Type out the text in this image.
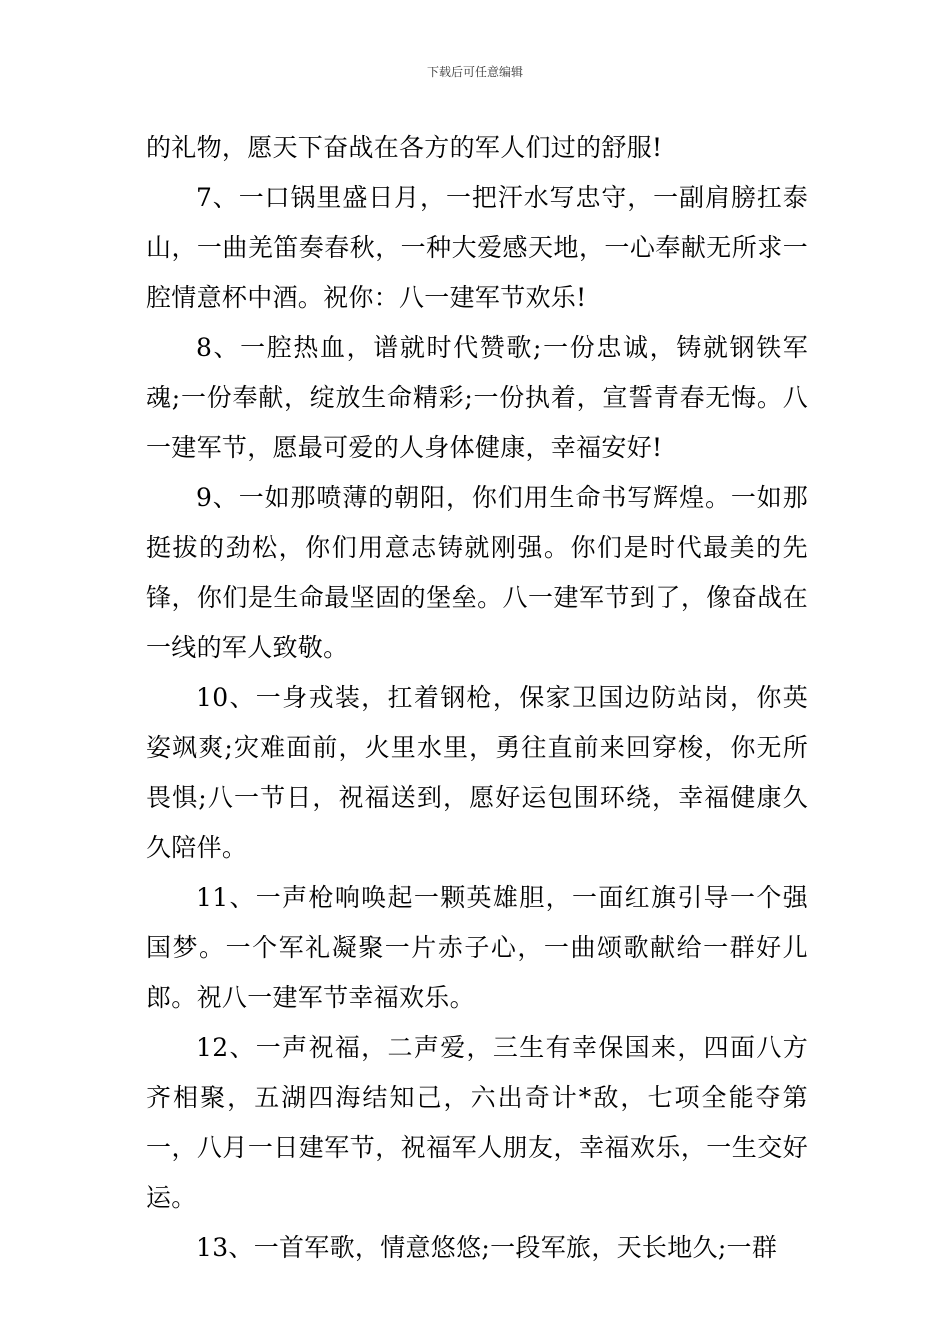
下载后可任意编辑

的礼物，愿天下奋战在各方的军人们过的舒服!

7、一口锅里盛日月，一把汗水写忠守，一副肩膀扛泰山，一曲羌笛奏春秋，一种大爱感天地，一心奉献无所求一腔情意杯中酒。祝你：八一建军节欢乐!

8、一腔热血，谱就时代赞歌;一份忠诚，铸就钢铁军魂;一份奉献，绽放生命精彩;一份执着，宣誓青春无悔。八一建军节，愿最可爱的人身体健康，幸福安好!

9、一如那喷薄的朝阳，你们用生命书写辉煌。一如那挺拔的劲松，你们用意志铸就刚强。你们是时代最美的先锋，你们是生命最坚固的堡垒。八一建军节到了，像奋战在一线的军人致敬。

10、一身戎装，扛着钢枪，保家卫国边防站岗，你英姿飒爽;灾难面前，火里水里，勇往直前来回穿梭，你无所畏惧;八一节日，祝福送到，愿好运包围环绕，幸福健康久久陪伴。

11、一声枪响唤起一颗英雄胆，一面红旗引导一个强国梦。一个军礼凝聚一片赤子心，一曲颂歌献给一群好儿郎。祝八一建军节幸福欢乐。

12、一声祝福，二声爱，三生有幸保国来，四面八方齐相聚，五湖四海结知己，六出奇计*敌，七项全能夺第一，八月一日建军节，祝福军人朋友，幸福欢乐，一生交好运。

13、一首军歌，情意悠悠;一段军旅，天长地久;一群
